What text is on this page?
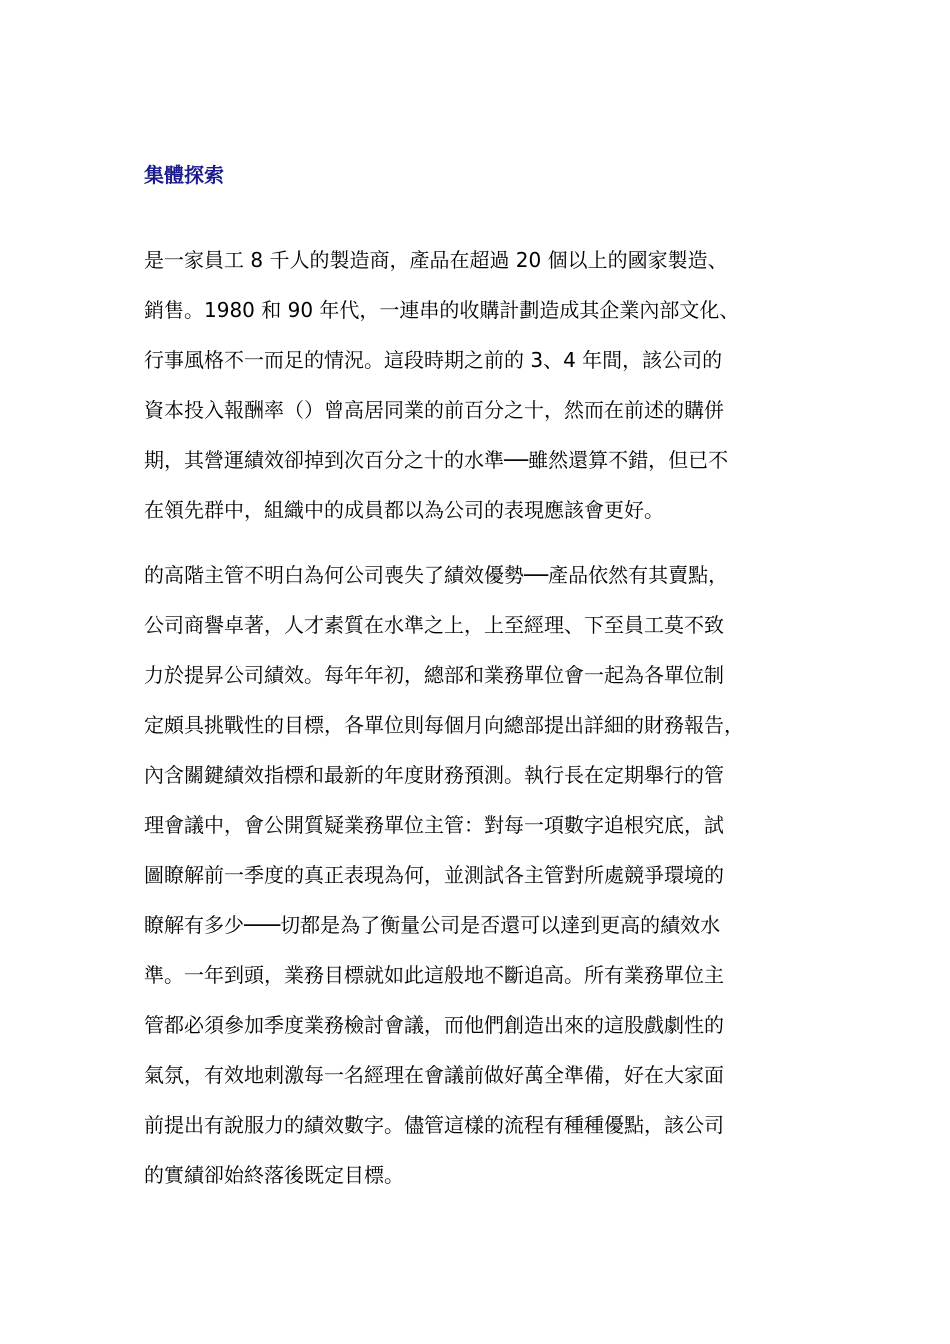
集體探索
是一家員工 8 千人的製造商，產品在超過 20 個以上的國家製造、
銷售。1980 和 90 年代，一連串的收購計劃造成其企業內部文化、
行事風格不一而足的情況。這段時期之前的 3、4 年間，該公司的
資本投入報酬率（）曾高居同業的前百分之十，然而在前述的購併
期，其營運績效卻掉到次百分之十的水準──雖然還算不錯，但已不
在領先群中，組織中的成員都以為公司的表現應該會更好。
的高階主管不明白為何公司喪失了績效優勢──產品依然有其賣點，
公司商譽卓著，人才素質在水準之上，上至經理、下至員工莫不致
力於提昇公司績效。每年年初，總部和業務單位會一起為各單位制
定頗具挑戰性的目標，各單位則每個月向總部提出詳細的財務報告，
內含關鍵績效指標和最新的年度財務預測。執行長在定期舉行的管
理會議中，會公開質疑業務單位主管：對每一項數字追根究底，試
圖瞭解前一季度的真正表現為何，並測試各主管對所處競爭環境的
瞭解有多少───切都是為了衡量公司是否還可以達到更高的績效水
準。一年到頭，業務目標就如此這般地不斷追高。所有業務單位主
管都必須參加季度業務檢討會議，而他們創造出來的這股戲劇性的
氣氛，有效地刺激每一名經理在會議前做好萬全準備，好在大家面
前提出有說服力的績效數字。儘管這樣的流程有種種優點，該公司
的實績卻始終落後既定目標。
